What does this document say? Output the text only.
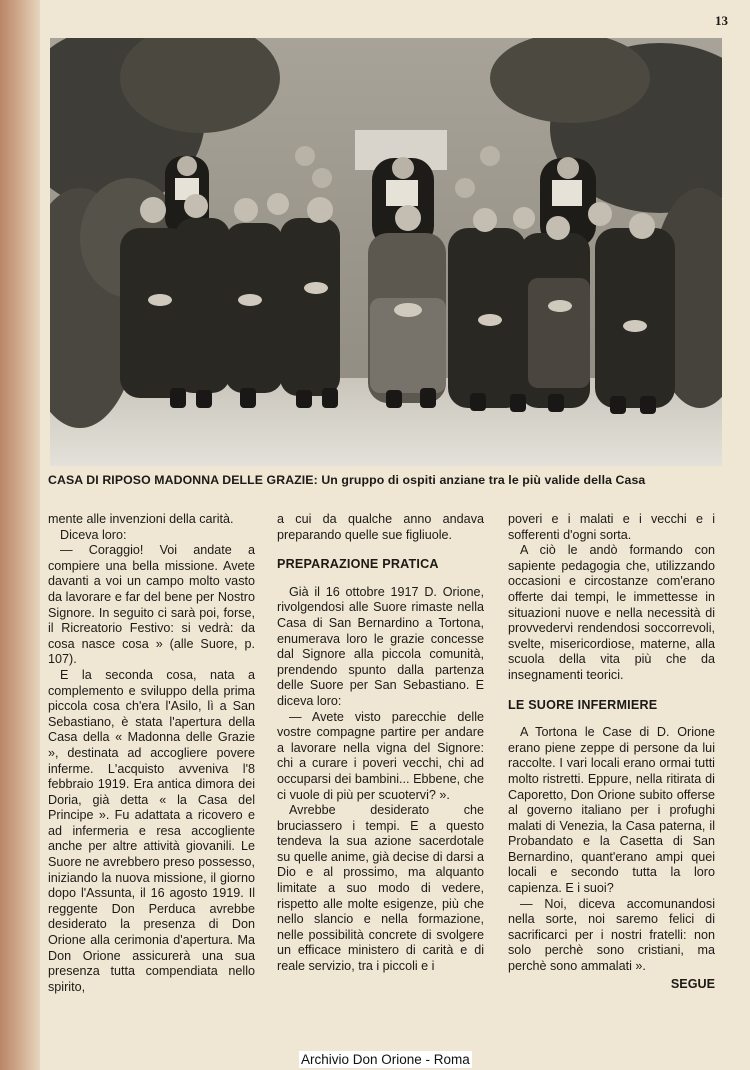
13
CASA DI RIPOSO MADONNA DELLE GRAZIE: Un gruppo di ospiti anziane tra le più valide della Casa

mente alle invenzioni della carità.

Diceva loro:

— Coraggio! Voi andate a compiere una bella missione. Avete davanti a voi un campo molto vasto da lavorare e far del bene per Nostro Signore. In seguito ci sarà poi, forse, il Ricreatorio Festivo: si vedrà: da cosa nasce cosa » (alle Suore, p. 107).

E la seconda cosa, nata a complemento e sviluppo della prima piccola cosa ch'era l'Asilo, lì a San Sebastiano, è stata l'apertura della Casa della « Madonna delle Grazie », destinata ad accogliere povere inferme. L'acquisto avveniva l'8 febbraio 1919. Era antica dimora dei Doria, già detta « la Casa del Principe ». Fu adattata a ricovero e ad infermeria e resa accogliente anche per altre attività giovanili. Le Suore ne avrebbero preso possesso, iniziando la nuova missione, il giorno dopo l'Assunta, il 16 agosto 1919. Il reggente Don Perduca avrebbe desiderato la presenza di Don Orione alla cerimonia d'apertura. Ma Don Orione assicurerà una sua presenza tutta compendiata nello spirito,

a cui da qualche anno andava preparando quelle sue figliuole.

PREPARAZIONE PRATICA

Già il 16 ottobre 1917 D. Orione, rivolgendosi alle Suore rimaste nella Casa di San Bernardino a Tortona, enumerava loro le grazie concesse dal Signore alla piccola comunità, prendendo spunto dalla partenza delle Suore per San Sebastiano. E diceva loro:

— Avete visto parecchie delle vostre compagne partire per andare a lavorare nella vigna del Signore: chi a curare i poveri vecchi, chi ad occuparsi dei bambini... Ebbene, che ci vuole di più per scuotervi? ».

Avrebbe desiderato che bruciassero i tempi. E a questo tendeva la sua azione sacerdotale su quelle anime, già decise di darsi a Dio e al prossimo, ma alquanto limitate a suo modo di vedere, rispetto alle molte esigenze, più che nello slancio e nella formazione, nelle possibilità concrete di svolgere un efficace ministero di carità e di reale servizio, tra i piccoli e i

poveri e i malati e i vecchi e i sofferenti d'ogni sorta.

A ciò le andò formando con sapiente pedagogia che, utilizzando occasioni e circostanze com'erano offerte dai tempi, le immettesse in situazioni nuove e nella necessità di provvedervi rendendosi soccorrevoli, svelte, misericordiose, materne, alla scuola della vita più che da insegnamenti teorici.

LE SUORE INFERMIERE

A Tortona le Case di D. Orione erano piene zeppe di persone da lui raccolte. I vari locali erano ormai tutti molto ristretti. Eppure, nella ritirata di Caporetto, Don Orione subito offerse al governo italiano per i profughi malati di Venezia, la Casa paterna, il Probandato e la Casetta di San Bernardino, quant'erano ampi quei locali e secondo tutta la loro capienza. E i suoi?

— Noi, diceva accomunandosi nella sorte, noi saremo felici di sacrificarci per i nostri fratelli: non solo perchè sono cristiani, ma perchè sono ammalati ».

SEGUE
Archivio Don Orione - Roma
